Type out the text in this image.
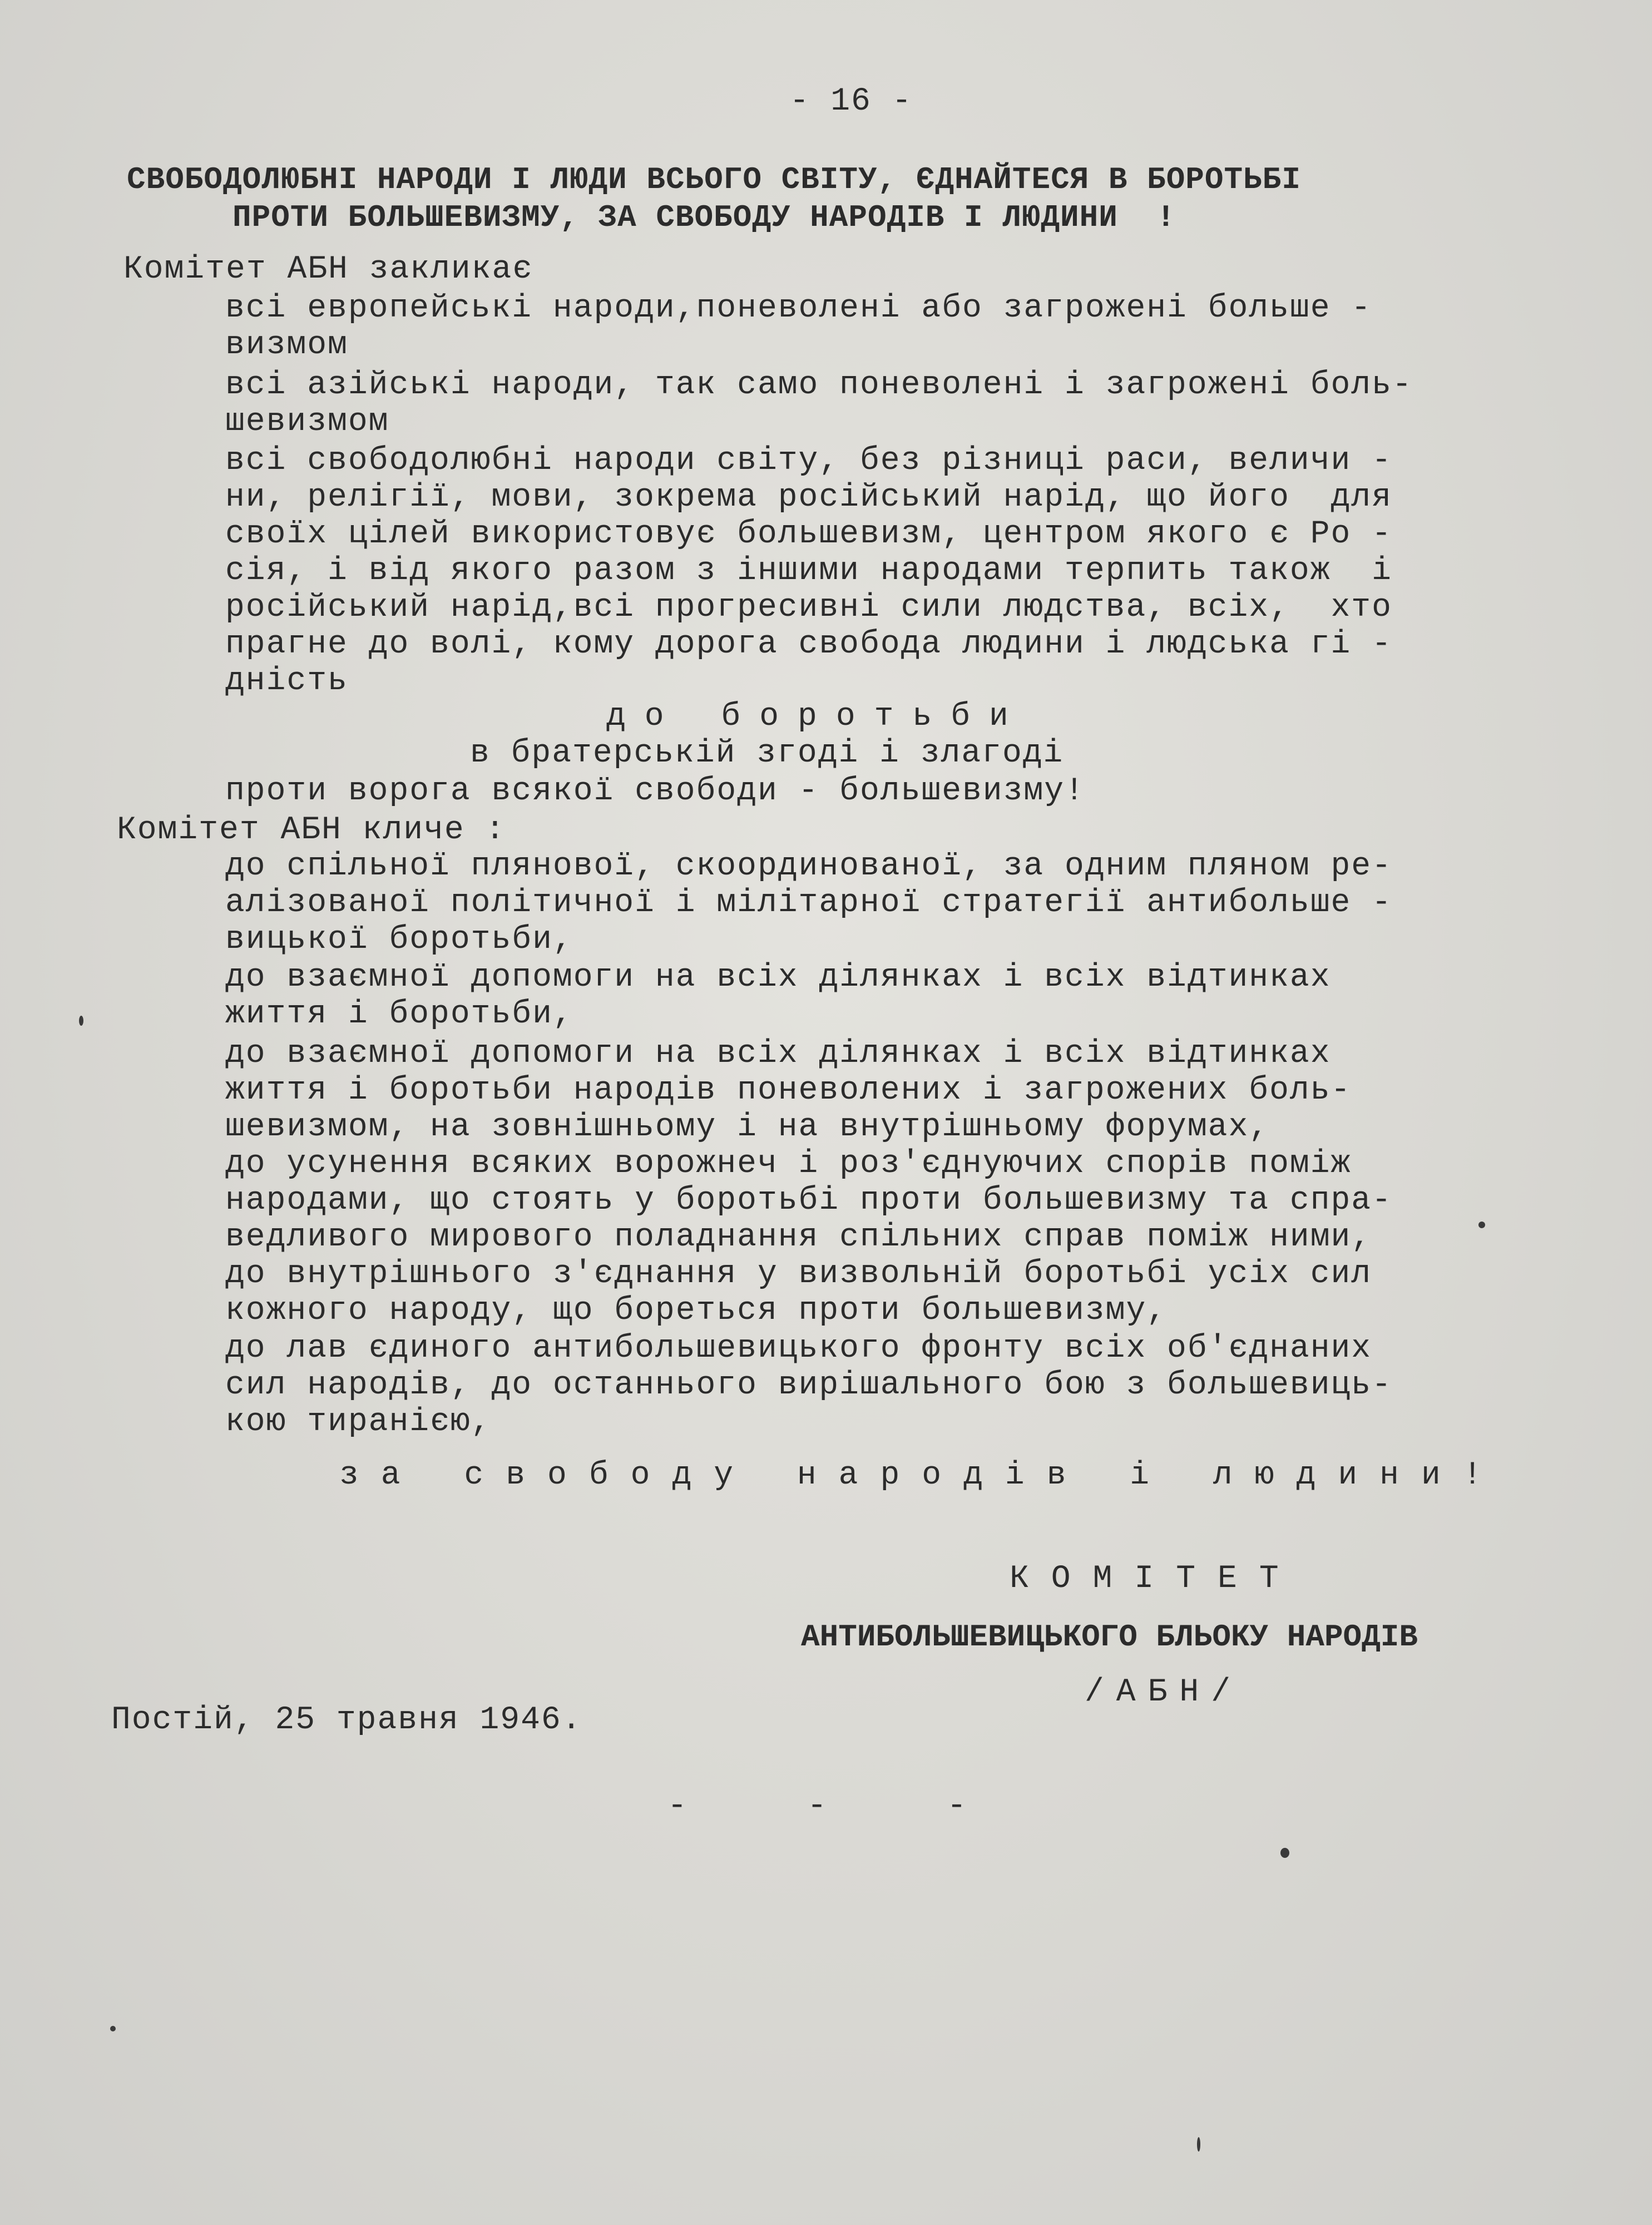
- 16 -
СВОБОДОЛЮБНІ НАРОДИ І ЛЮДИ ВСЬОГО СВІТУ, ЄДНАЙТЕСЯ В БОРОТЬБІ
ПРОТИ БОЛЬШЕВИЗМУ, ЗА СВОБОДУ НАРОДІВ І ЛЮДИНИ  !
Комітет АБН закликає
всі европейські народи,поневолені або загрожені больше -
визмом
всі азійські народи, так само поневолені і загрожені боль-
шевизмом
всі свободолюбні народи світу, без різниці раси, величи -
ни, релігії, мови, зокрема російський нарід, що його  для
своїх цілей використовує большевизм, центром якого є Ро -
сія, і від якого разом з іншими народами терпить також  і
російський нарід,всі прогресивні сили людства, всіх,  хто
прагне до волі, кому дорога свобода людини і людська гі -
дність
до боротьби
в братерській згоді і злагоді
проти ворога всякої свободи - большевизму!
Комітет АБН кличе :
до спільної плянової, скоординованої, за одним пляном ре-
алізованої політичної і мілітарної стратегії антибольше -
вицької боротьби,
до взаємної допомоги на всіх ділянках і всіх відтинках
життя і боротьби,
до взаємної допомоги на всіх ділянках і всіх відтинках
життя і боротьби народів поневолених і загрожених боль-
шевизмом, на зовнішньому і на внутрішньому форумах,
до усунення всяких ворожнеч і роз'єднуючих спорів поміж
народами, що стоять у боротьбі проти большевизму та спра-
ведливого мирового поладнання спільних справ поміж ними,
до внутрішнього з'єднання у визвольній боротьбі усіх сил
кожного народу, що бореться проти большевизму,
до лав єдиного антибольшевицького фронту всіх об'єднаних
сил народів, до останнього вирішального бою з большевиць-
кою тиранією,
за свободу народів і людини!
КОМІТЕТ
АНТИБОЛЬШЕВИЦЬКОГО БЛЬОКУ НАРОДІВ
/АБН/
Постій, 25 травня 1946.
-   -   -
